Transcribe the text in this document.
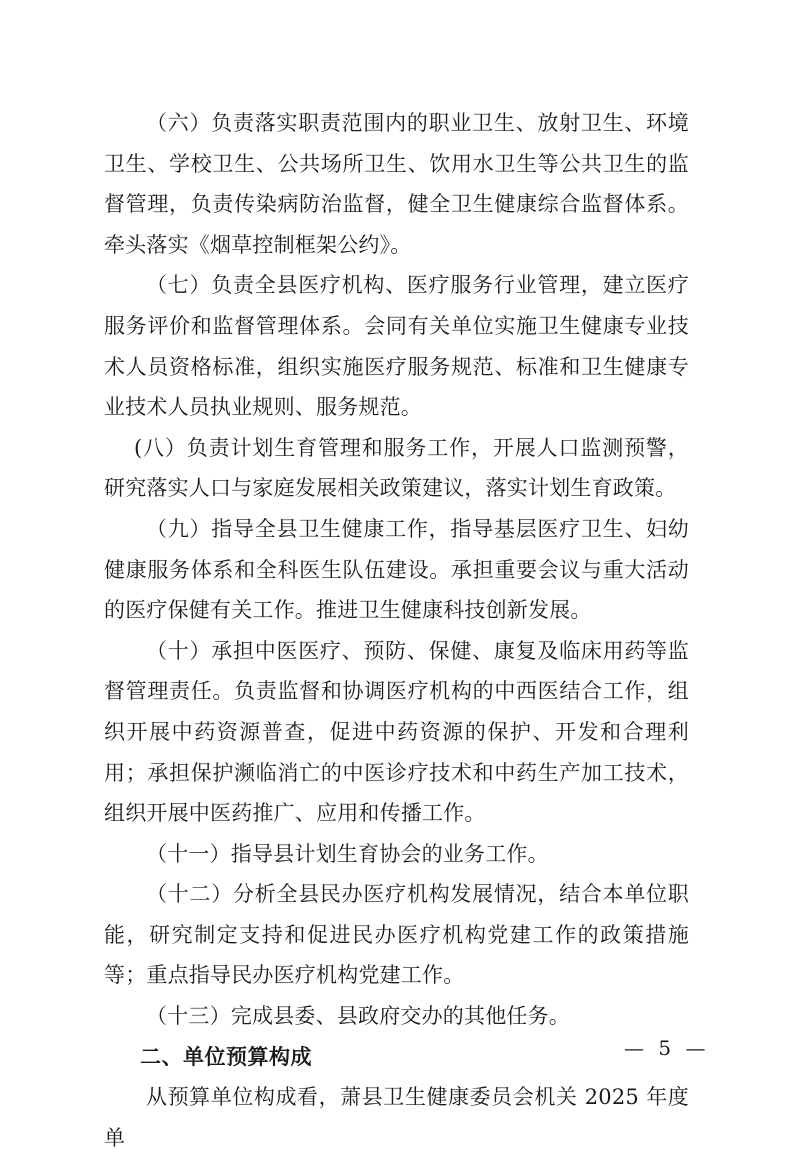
（六）负责落实职责范围内的职业卫生、放射卫生、环境卫生、学校卫生、公共场所卫生、饮用水卫生等公共卫生的监督管理，负责传染病防治监督，健全卫生健康综合监督体系。牵头落实《烟草控制框架公约》。

（七）负责全县医疗机构、医疗服务行业管理，建立医疗服务评价和监督管理体系。会同有关单位实施卫生健康专业技术人员资格标准，组织实施医疗服务规范、标准和卫生健康专业技术人员执业规则、服务规范。

(八）负责计划生育管理和服务工作，开展人口监测预警，研究落实人口与家庭发展相关政策建议，落实计划生育政策。

（九）指导全县卫生健康工作，指导基层医疗卫生、妇幼健康服务体系和全科医生队伍建设。承担重要会议与重大活动的医疗保健有关工作。推进卫生健康科技创新发展。

（十）承担中医医疗、预防、保健、康复及临床用药等监督管理责任。负责监督和协调医疗机构的中西医结合工作，组织开展中药资源普查，促进中药资源的保护、开发和合理利用；承担保护濒临消亡的中医诊疗技术和中药生产加工技术，组织开展中医药推广、应用和传播工作。

（十一）指导县计划生育协会的业务工作。

（十二）分析全县民办医疗机构发展情况，结合本单位职能，研究制定支持和促进民办医疗机构党建工作的政策措施等；重点指导民办医疗机构党建工作。

（十三）完成县委、县政府交办的其他任务。

二、单位预算构成

从预算单位构成看，萧县卫生健康委员会机关 2025 年度单

— 5 —
